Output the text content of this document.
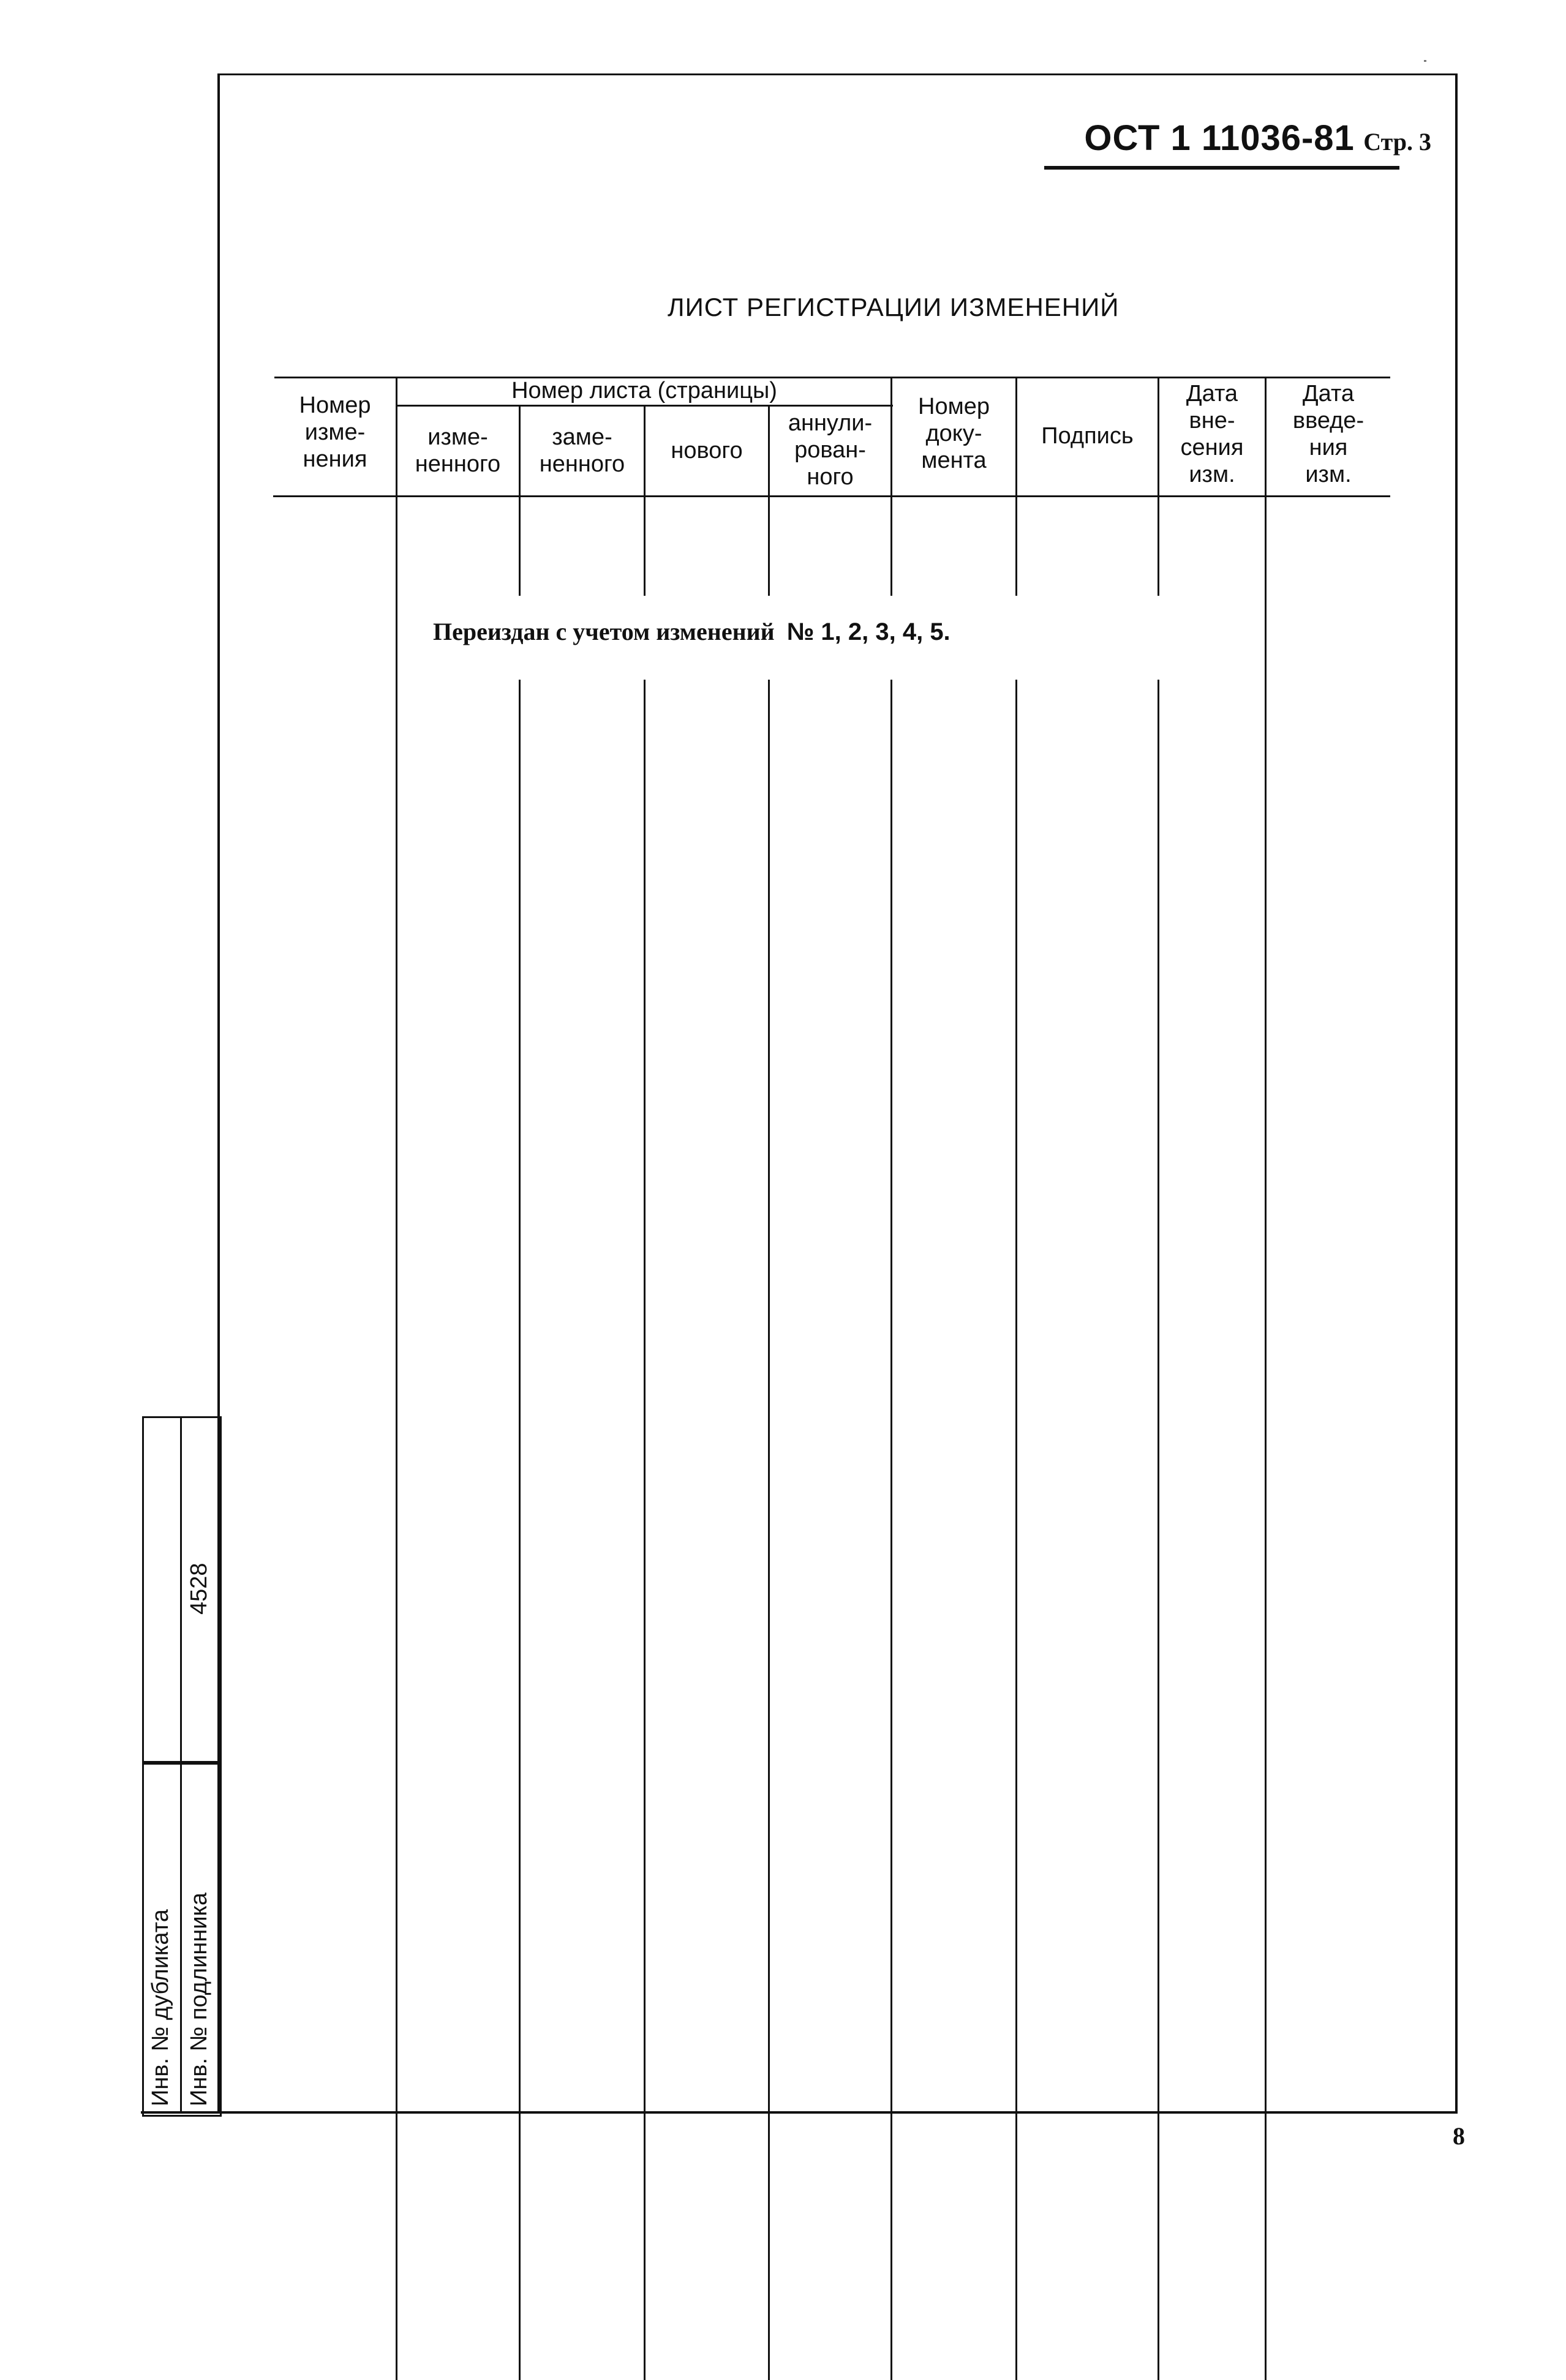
ОСТ 1 11036-81 Стр. 3
ЛИСТ РЕГИСТРАЦИИ ИЗМЕНЕНИЙ
Номер
изме-
нения
Номер листа (страницы)
изме-
ненного
заме-
ненного
нового
аннули-
рован-
ного
Номер
доку-
мента
Подпись
Дата
вне-
сения
изм.
Дата
введе-
ния
изм.
Переиздан с учетом изменений № 1, 2, 3, 4, 5.
Инв. № дубликата Инв. № подлинника
4528
8
